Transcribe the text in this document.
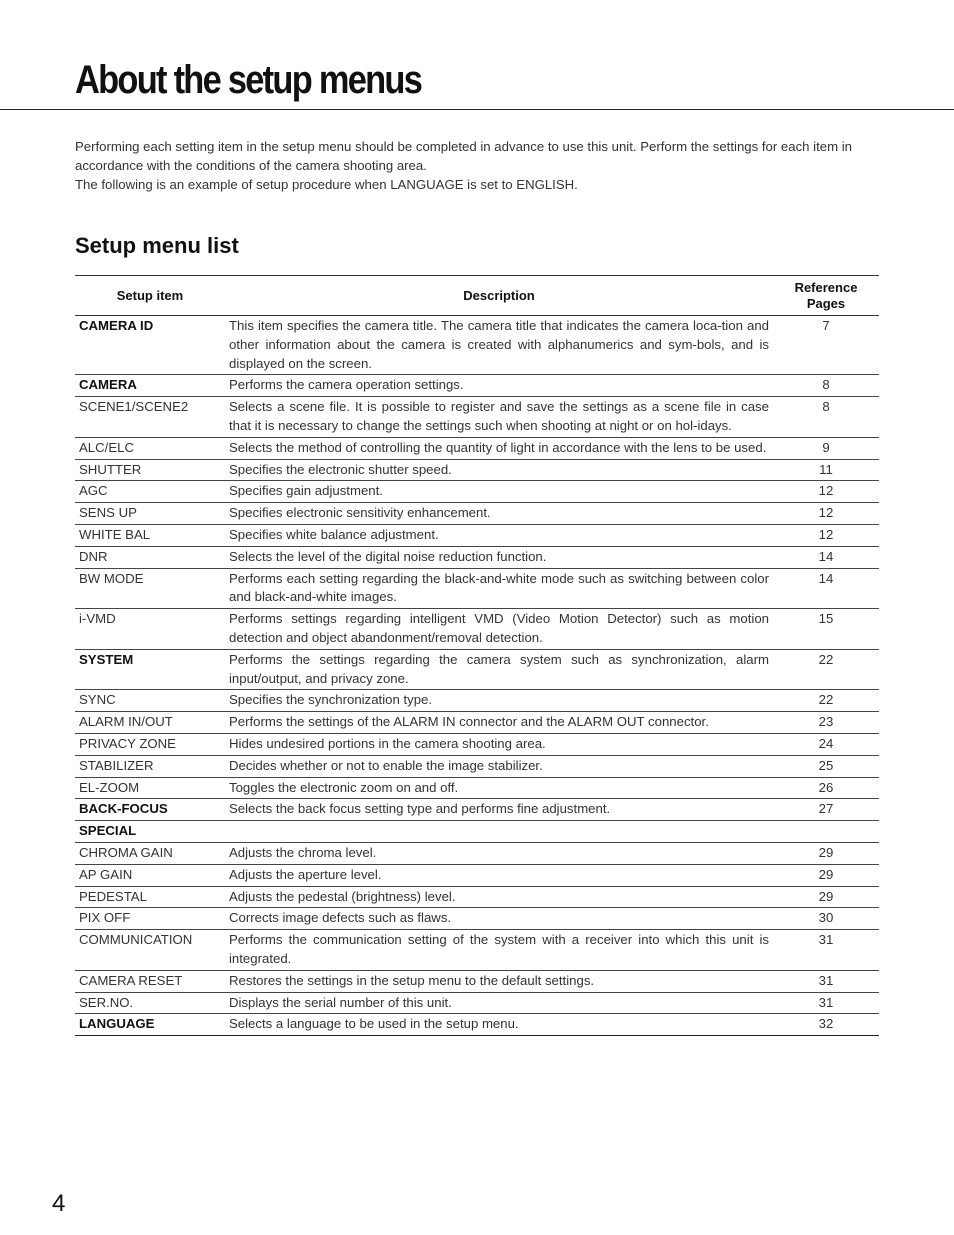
About the setup menus

Performing each setting item in the setup menu should be completed in advance to use this unit. Perform the settings for each item in accordance with the conditions of the camera shooting area.

The following is an example of setup procedure when LANGUAGE is set to ENGLISH.

Setup menu list
Setup item	Description	Reference Pages
CAMERA ID	This item specifies the camera title. The camera title that indicates the camera loca-tion and other information about the camera is created with alphanumerics and sym-bols, and is displayed on the screen.	7
CAMERA	Performs the camera operation settings.	8
SCENE1/SCENE2	Selects a scene file. It is possible to register and save the settings as a scene file in case that it is necessary to change the settings such when shooting at night or on hol-idays.	8
ALC/ELC	Selects the method of controlling the quantity of light in accordance with the lens to be used.	9
SHUTTER	Specifies the electronic shutter speed.	11
AGC	Specifies gain adjustment.	12
SENS UP	Specifies electronic sensitivity enhancement.	12
WHITE BAL	Specifies white balance adjustment.	12
DNR	Selects the level of the digital noise reduction function.	14
BW MODE	Performs each setting regarding the black-and-white mode such as switching between color and black-and-white images.	14
i-VMD	Performs settings regarding intelligent VMD (Video Motion Detector) such as motion detection and object abandonment/removal detection.	15
SYSTEM	Performs the settings regarding the camera system such as synchronization, alarm input/output, and privacy zone.	22
SYNC	Specifies the synchronization type.	22
ALARM IN/OUT	Performs the settings of the ALARM IN connector and the ALARM OUT connector.	23
PRIVACY ZONE	Hides undesired portions in the camera shooting area.	24
STABILIZER	Decides whether or not to enable the image stabilizer.	25
EL-ZOOM	Toggles the electronic zoom on and off.	26
BACK-FOCUS	Selects the back focus setting type and performs fine adjustment.	27
SPECIAL		
CHROMA GAIN	Adjusts the chroma level.	29
AP GAIN	Adjusts the aperture level.	29
PEDESTAL	Adjusts the pedestal (brightness) level.	29
PIX OFF	Corrects image defects such as flaws.	30
COMMUNICATION	Performs the communication setting of the system with a receiver into which this unit is integrated.	31
CAMERA RESET	Restores the settings in the setup menu to the default settings.	31
SER.NO.	Displays the serial number of this unit.	31
LANGUAGE	Selects a language to be used in the setup menu.	32
4
